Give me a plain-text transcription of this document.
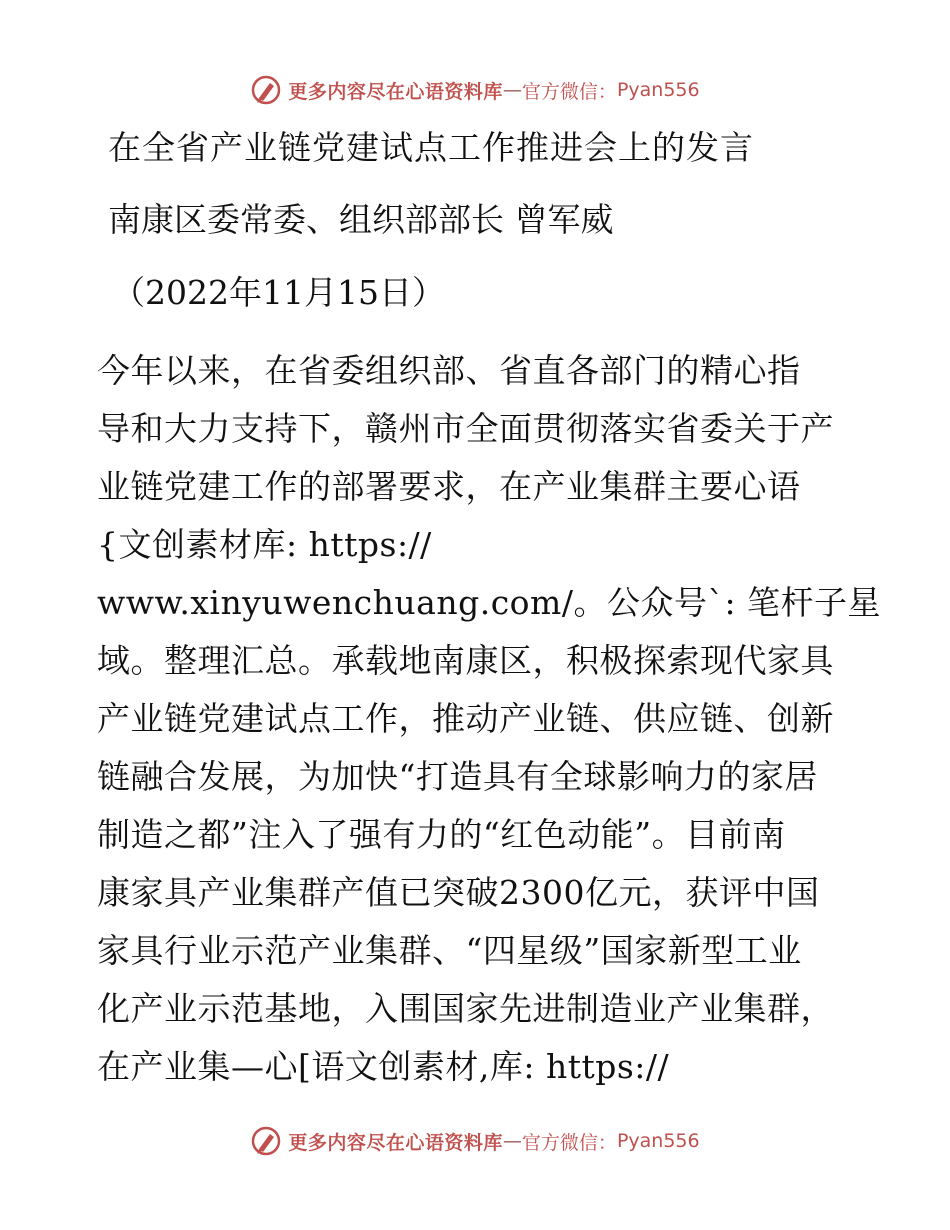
更多内容尽在心语资料库 — 官方微信： Pyan556
在全省产业链党建试点工作推进会上的发言
南康区委常委、组织部部长 曾军威
（2022年11月15日）
今年以来，在省委组织部、省直各部门的精心指
导和大力支持下，赣州市全面贯彻落实省委关于产
业链党建工作的部署要求，在产业集群主要心语
{文创素材库: https://
www.xinyuwenchuang.com/。公众号`: 笔杆子星
域。整理汇总。承载地南康区，积极探索现代家具
产业链党建试点工作，推动产业链、供应链、创新
链融合发展，为加快“打造具有全球影响力的家居
制造之都”注入了强有力的“红色动能”。目前南
康家具产业集群产值已突破2300亿元，获评中国
家具行业示范产业集群、“四星级”国家新型工业
化产业示范基地，入围国家先进制造业产业集群，
在产业集—心[语文创素材,库: https://
更多内容尽在心语资料库 — 官方微信： Pyan556
